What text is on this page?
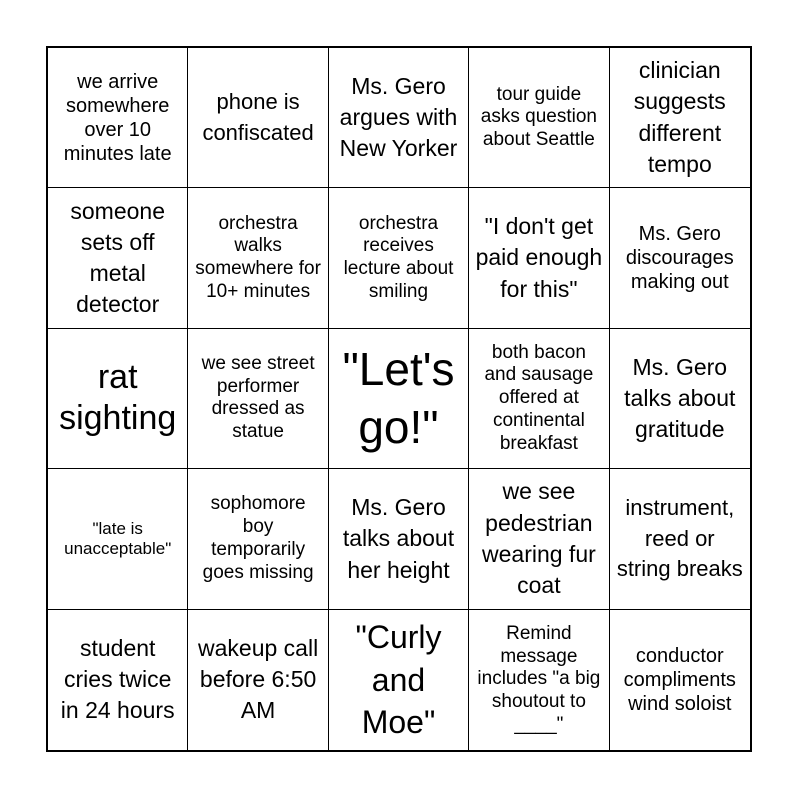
we arrive somewhere over 10 minutes late
phone is confiscated
Ms. Gero argues with New Yorker
tour guide asks question about Seattle
clinician suggests different tempo
someone sets off metal detector
orchestra walks somewhere for 10+ minutes
orchestra receives lecture about smiling
"I don't get paid enough for this"
Ms. Gero discourages making out
rat sighting
we see street performer dressed as statue
"Let's go!"
both bacon and sausage offered at continental breakfast
Ms. Gero talks about gratitude
"late is unacceptable"
sophomore boy temporarily goes missing
Ms. Gero talks about her height
we see pedestrian wearing fur coat
instrument, reed or string breaks
student cries twice in 24 hours
wakeup call before 6:50 AM
"Curly and Moe"
Remind message includes "a big shoutout to ____"
conductor compliments wind soloist
